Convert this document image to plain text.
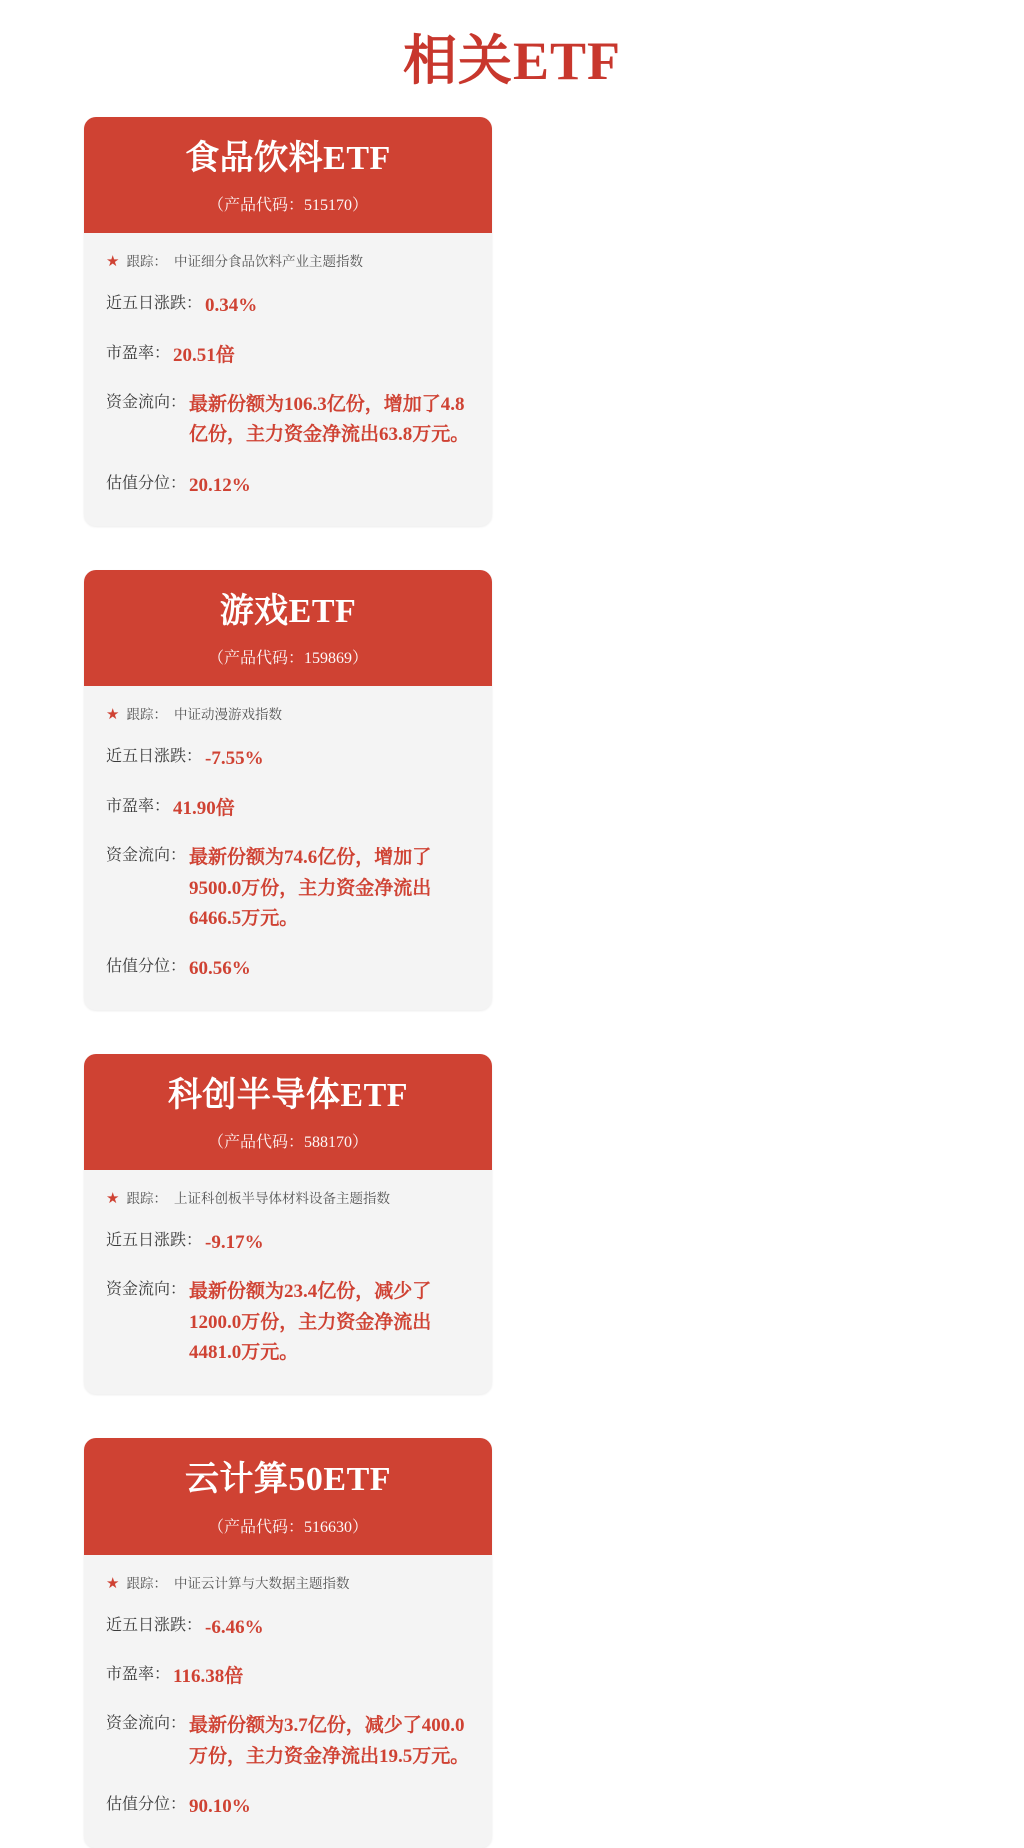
相关ETF
食品饮料ETF
（产品代码：515170）
★ 跟踪： 中证细分食品饮料产业主题指数
近五日涨跌： 0.34%
市盈率： 20.51倍
资金流向： 最新份额为106.3亿份，增加了4.8亿份，主力资金净流出63.8万元。
估值分位： 20.12%
游戏ETF
（产品代码：159869）
★ 跟踪： 中证动漫游戏指数
近五日涨跌： -7.55%
市盈率： 41.90倍
资金流向： 最新份额为74.6亿份，增加了9500.0万份，主力资金净流出6466.5万元。
估值分位： 60.56%
科创半导体ETF
（产品代码：588170）
★ 跟踪： 上证科创板半导体材料设备主题指数
近五日涨跌： -9.17%
资金流向： 最新份额为23.4亿份，减少了1200.0万份，主力资金净流出4481.0万元。
云计算50ETF
（产品代码：516630）
★ 跟踪： 中证云计算与大数据主题指数
近五日涨跌： -6.46%
市盈率： 116.38倍
资金流向： 最新份额为3.7亿份，减少了400.0万份，主力资金净流出19.5万元。
估值分位： 90.10%
